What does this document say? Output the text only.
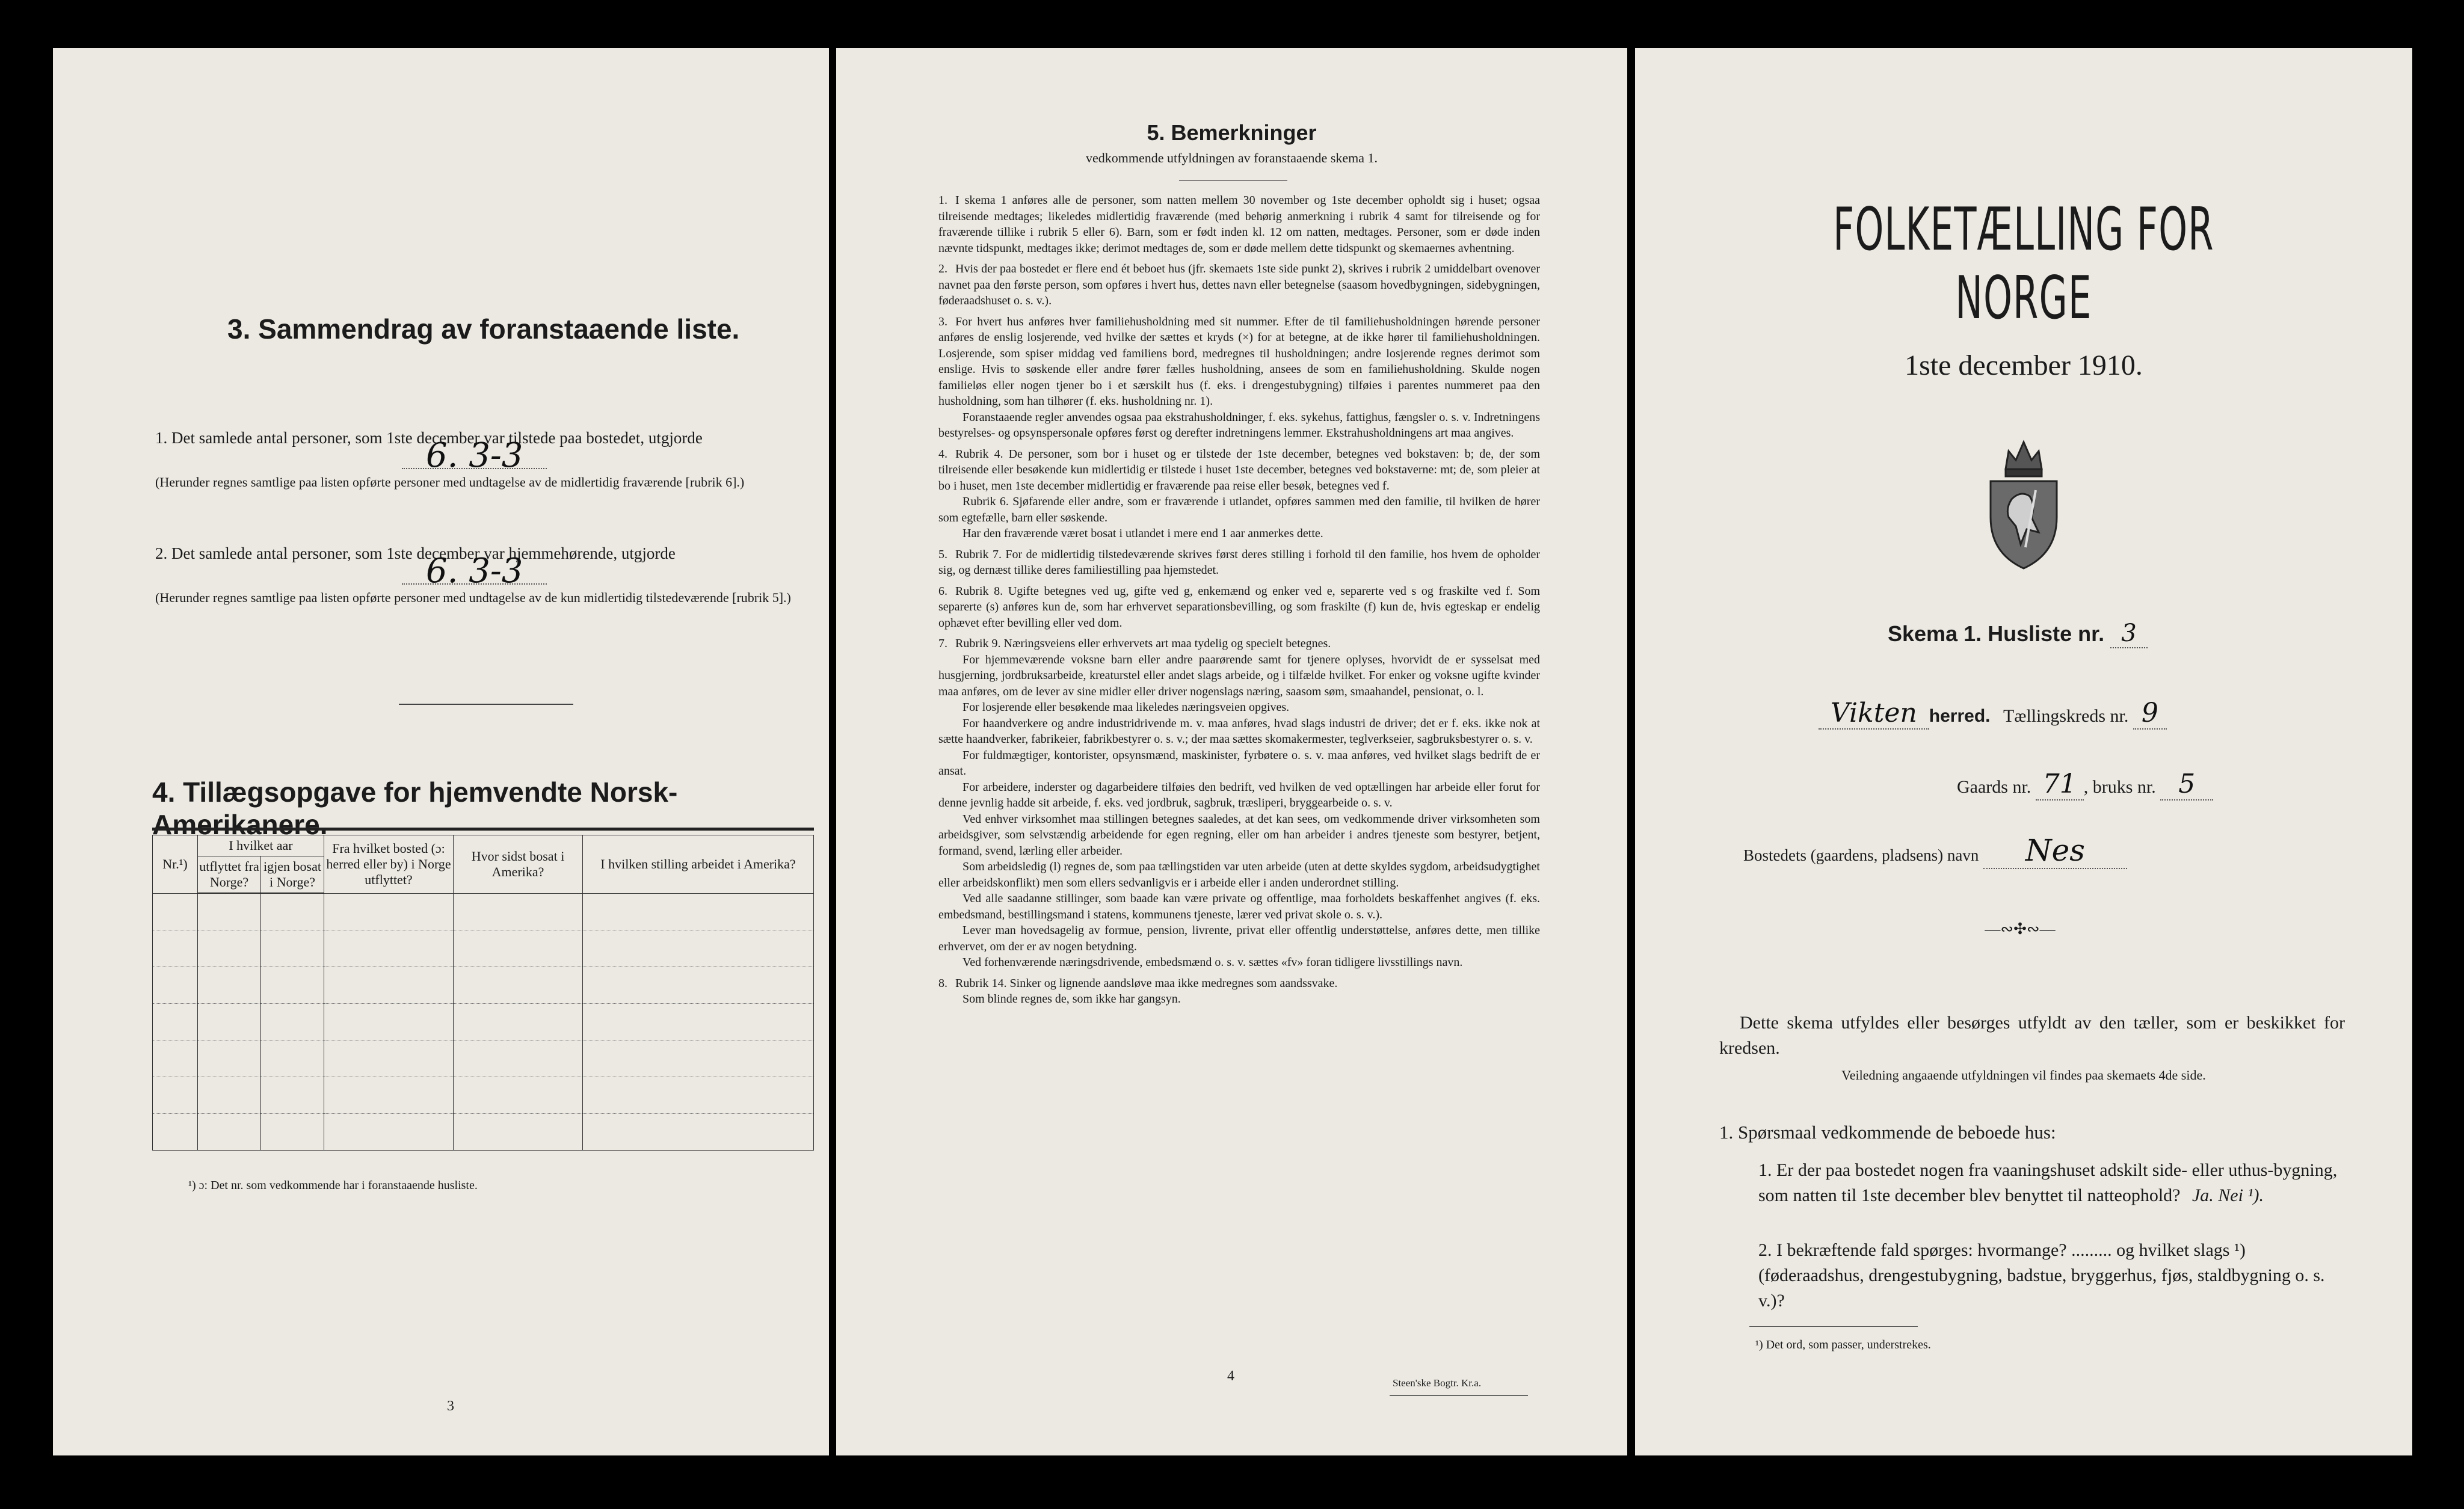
3. Sammendrag av foranstaaende liste.
1. Det samlede antal personer, som 1ste december var tilstede paa bostedet, utgjorde
6. 3-3
(Herunder regnes samtlige paa listen opførte personer med undtagelse av de midlertidig fraværende [rubrik 6].)
2. Det samlede antal personer, som 1ste december var hjemmehørende, utgjorde
6. 3-3
(Herunder regnes samtlige paa listen opførte personer med undtagelse av de kun midlertidig tilstedeværende [rubrik 5].)
4. Tillægsopgave for hjemvendte Norsk-Amerikanere.
Nr.¹)	I hvilket aar		Fra hvilket bosted (ɔ: herred eller by) i Norge utflyttet?	Hvor sidst bosat i Amerika?	I hvilken stilling arbeidet i Amerika?
	utflyttet fra Norge?	igjen bosat i Norge?			

¹) ɔ: Det nr. som vedkommende har i foranstaaende husliste.
3
5. Bemerkninger
vedkommende utfyldningen av foranstaaende skema 1.

1. I skema 1 anføres alle de personer, som natten mellem 30 november og 1ste december opholdt sig i huset; ogsaa tilreisende medtages; likeledes midlertidig fraværende (med behørig anmerkning i rubrik 4 samt for tilreisende og for fraværende tillike i rubrik 5 eller 6). Barn, som er født inden kl. 12 om natten, medtages. Personer, som er døde inden nævnte tidspunkt, medtages ikke; derimot medtages de, som er døde mellem dette tidspunkt og skemaernes avhentning.

2. Hvis der paa bostedet er flere end ét beboet hus (jfr. skemaets 1ste side punkt 2), skrives i rubrik 2 umiddelbart ovenover navnet paa den første person, som opføres i hvert hus, dettes navn eller betegnelse (saasom hovedbygningen, sidebygningen, føderaadshuset o. s. v.).

3. For hvert hus anføres hver familiehusholdning med sit nummer. Efter de til familiehusholdningen hørende personer anføres de enslig losjerende, ved hvilke der sættes et kryds (×) for at betegne, at de ikke hører til familiehusholdningen. Losjerende, som spiser middag ved familiens bord, medregnes til husholdningen; andre losjerende regnes derimot som enslige. Hvis to søskende eller andre fører fælles husholdning, ansees de som en familiehusholdning. Skulde nogen familieløs eller nogen tjener bo i et særskilt hus (f. eks. i drengestubygning) tilføies i parentes nummeret paa den husholdning, som han tilhører (f. eks. husholdning nr. 1).

Foranstaaende regler anvendes ogsaa paa ekstrahusholdninger, f. eks. sykehus, fattighus, fængsler o. s. v. Indretningens bestyrelses- og opsynspersonale opføres først og derefter indretningens lemmer. Ekstrahusholdningens art maa angives.

4. Rubrik 4. De personer, som bor i huset og er tilstede der 1ste december, betegnes ved bokstaven: b; de, der som tilreisende eller besøkende kun midlertidig er tilstede i huset 1ste december, betegnes ved bokstaverne: mt; de, som pleier at bo i huset, men 1ste december midlertidig er fraværende paa reise eller besøk, betegnes ved f.

Rubrik 6. Sjøfarende eller andre, som er fraværende i utlandet, opføres sammen med den familie, til hvilken de hører som egtefælle, barn eller søskende.

Har den fraværende været bosat i utlandet i mere end 1 aar anmerkes dette.

5. Rubrik 7. For de midlertidig tilstedeværende skrives først deres stilling i forhold til den familie, hos hvem de opholder sig, og dernæst tillike deres familiestilling paa hjemstedet.

6. Rubrik 8. Ugifte betegnes ved ug, gifte ved g, enkemænd og enker ved e, separerte ved s og fraskilte ved f. Som separerte (s) anføres kun de, som har erhvervet separationsbevilling, og som fraskilte (f) kun de, hvis egteskap er endelig ophævet efter bevilling eller ved dom.

7. Rubrik 9. Næringsveiens eller erhvervets art maa tydelig og specielt betegnes.

For hjemmeværende voksne barn eller andre paarørende samt for tjenere oplyses, hvorvidt de er sysselsat med husgjerning, jordbruksarbeide, kreaturstel eller andet slags arbeide, og i tilfælde hvilket. For enker og voksne ugifte kvinder maa anføres, om de lever av sine midler eller driver nogenslags næring, saasom søm, smaahandel, pensionat, o. l.

For losjerende eller besøkende maa likeledes næringsveien opgives.

For haandverkere og andre industridrivende m. v. maa anføres, hvad slags industri de driver; det er f. eks. ikke nok at sætte haandverker, fabrikeier, fabrikbestyrer o. s. v.; der maa sættes skomakermester, teglverkseier, sagbruksbestyrer o. s. v.

For fuldmægtiger, kontorister, opsynsmænd, maskinister, fyrbøtere o. s. v. maa anføres, ved hvilket slags bedrift de er ansat.

For arbeidere, inderster og dagarbeidere tilføies den bedrift, ved hvilken de ved optællingen har arbeide eller forut for denne jevnlig hadde sit arbeide, f. eks. ved jordbruk, sagbruk, træsliperi, bryggearbeide o. s. v.

Ved enhver virksomhet maa stillingen betegnes saaledes, at det kan sees, om vedkommende driver virksomheten som arbeidsgiver, som selvstændig arbeidende for egen regning, eller om han arbeider i andres tjeneste som bestyrer, betjent, formand, svend, lærling eller arbeider.

Som arbeidsledig (l) regnes de, som paa tællingstiden var uten arbeide (uten at dette skyldes sygdom, arbeidsudygtighet eller arbeidskonflikt) men som ellers sedvanligvis er i arbeide eller i anden underordnet stilling.

Ved alle saadanne stillinger, som baade kan være private og offentlige, maa forholdets beskaffenhet angives (f. eks. embedsmand, bestillingsmand i statens, kommunens tjeneste, lærer ved privat skole o. s. v.).

Lever man hovedsagelig av formue, pension, livrente, privat eller offentlig understøttelse, anføres dette, men tillike erhvervet, om der er av nogen betydning.

Ved forhenværende næringsdrivende, embedsmænd o. s. v. sættes «fv» foran tidligere livsstillings navn.

8. Rubrik 14. Sinker og lignende aandsløve maa ikke medregnes som aandssvake.

Som blinde regnes de, som ikke har gangsyn.

4	Steen'ske Bogtr. Kr.a.
FOLKETÆLLING FOR NORGE
1ste december 1910.
Skema 1. Husliste nr. 3
Vikten herred. Tællingskreds nr. 9
Gaards nr. 71 , bruks nr. 5
Bostedets (gaardens, pladsens) navn Nes
—∾✣∾—
Dette skema utfyldes eller besørges utfyldt av den tæller, som er beskikket for kredsen.
Veiledning angaaende utfyldningen vil findes paa skemaets 4de side.
1. Spørsmaal vedkommende de beboede hus:
1. Er der paa bostedet nogen fra vaaningshuset adskilt side- eller uthus-bygning, som natten til 1ste december blev benyttet til natteophold? Ja. Nei ¹).
2. I bekræftende fald spørges: hvormange? ......... og hvilket slags ¹) (føderaadshus, drengestubygning, badstue, bryggerhus, fjøs, staldbygning o. s. v.)?
¹) Det ord, som passer, understrekes.
